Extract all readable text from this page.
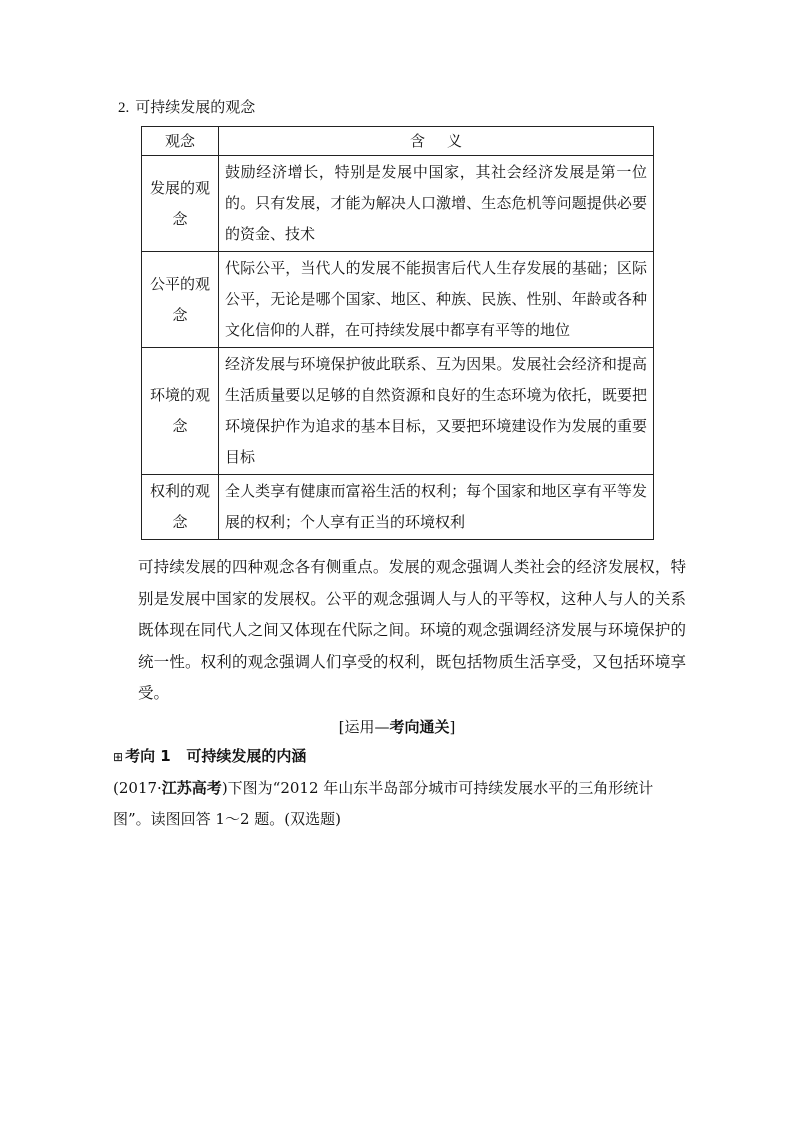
2. 可持续发展的观念
观念	含义
发展的观念	鼓励经济增长，特别是发展中国家，其社会经济发展是第一位的。只有发展，才能为解决人口激增、生态危机等问题提供必要的资金、技术
公平的观念	代际公平，当代人的发展不能损害后代人生存发展的基础；区际公平，无论是哪个国家、地区、种族、民族、性别、年龄或各种文化信仰的人群，在可持续发展中都享有平等的地位
环境的观念	经济发展与环境保护彼此联系、互为因果。发展社会经济和提高生活质量要以足够的自然资源和良好的生态环境为依托，既要把环境保护作为追求的基本目标，又要把环境建设作为发展的重要目标
权利的观念	全人类享有健康而富裕生活的权利；每个国家和地区享有平等发展的权利；个人享有正当的环境权利
可持续发展的四种观念各有侧重点。发展的观念强调人类社会的经济发展权，特别是发展中国家的发展权。公平的观念强调人与人的平等权，这种人与人的关系既体现在同代人之间又体现在代际之间。环境的观念强调经济发展与环境保护的统一性。权利的观念强调人们享受的权利，既包括物质生活享受，又包括环境享受。
[运用—考向通关]
⊞ 考向 1 可持续发展的内涵
(2017·江苏高考)下图为“2012 年山东半岛部分城市可持续发展水平的三角形统计图”。读图回答 1～2 题。(双选题)
